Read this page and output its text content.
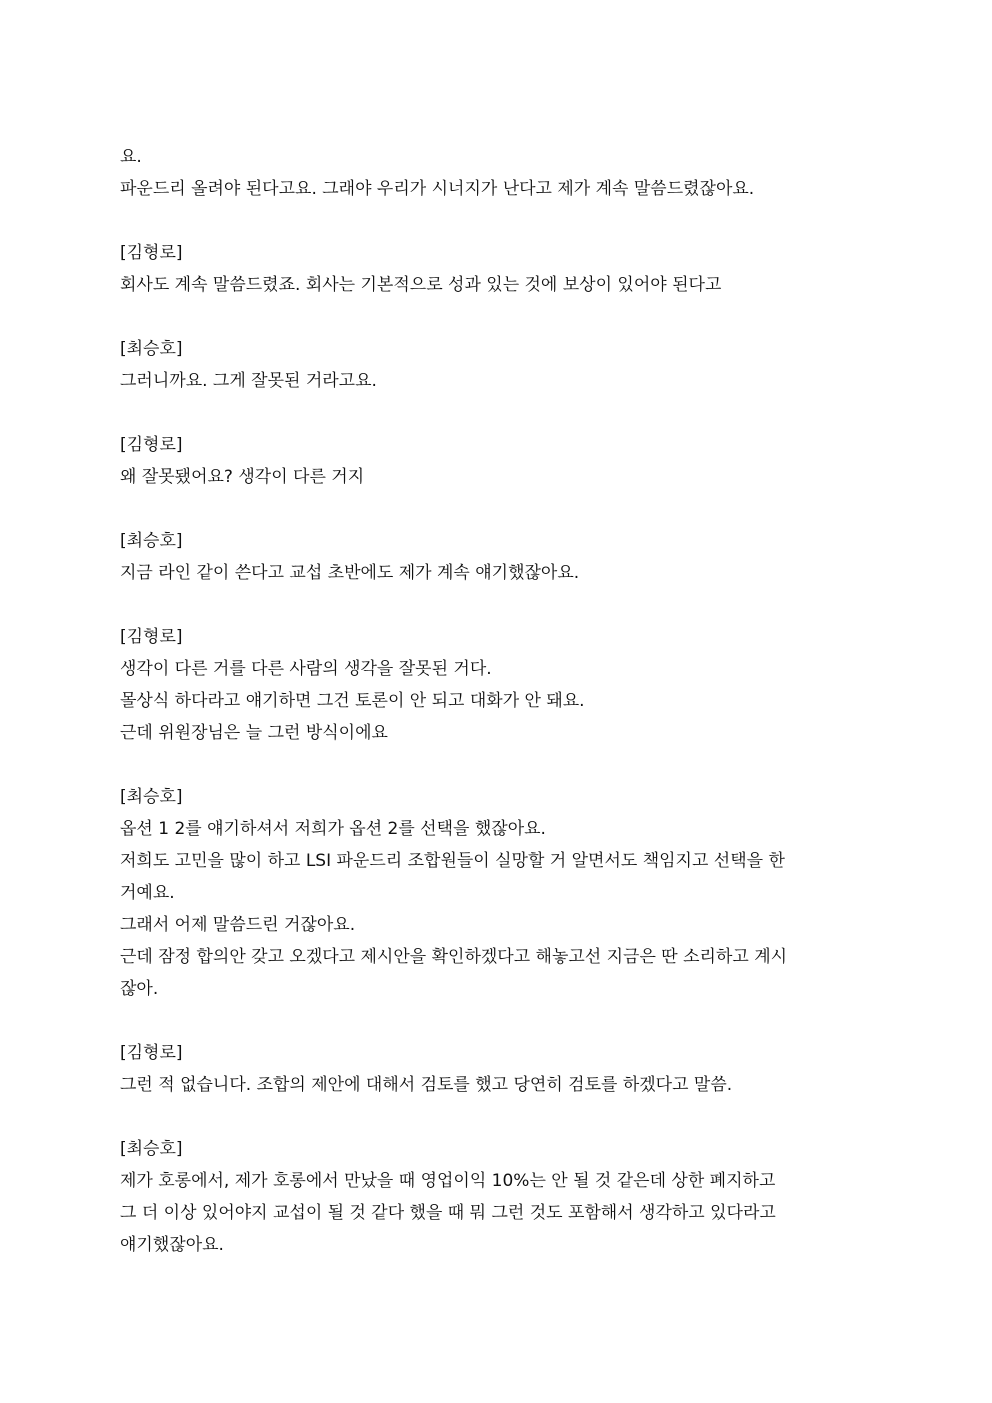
요.
파운드리 올려야 된다고요. 그래야 우리가 시너지가 난다고 제가 계속 말씀드렸잖아요.
[김형로]
회사도 계속 말씀드렸죠. 회사는 기본적으로 성과 있는 것에 보상이 있어야 된다고
[최승호]
그러니까요. 그게 잘못된 거라고요.
[김형로]
왜 잘못됐어요? 생각이 다른 거지
[최승호]
지금 라인 같이 쓴다고 교섭 초반에도 제가 계속 얘기했잖아요.
[김형로]
생각이 다른 거를 다른 사람의 생각을 잘못된 거다.
몰상식 하다라고 얘기하면 그건 토론이 안 되고 대화가 안 돼요.
근데 위원장님은 늘 그런 방식이에요
[최승호]
옵션 1 2를 얘기하셔서 저희가 옵션 2를 선택을 했잖아요.
저희도 고민을 많이 하고 LSI 파운드리 조합원들이 실망할 거 알면서도 책임지고 선택을 한
거예요.
그래서 어제 말씀드린 거잖아요.
근데 잠정 합의안 갖고 오겠다고 제시안을 확인하겠다고 해놓고선 지금은 딴 소리하고 계시
잖아.
[김형로]
그런 적 없습니다. 조합의 제안에 대해서 검토를 했고 당연히 검토를 하겠다고 말씀.
[최승호]
제가 호롱에서, 제가 호롱에서 만났을 때 영업이익 10%는 안 될 것 같은데 상한 폐지하고
그 더 이상 있어야지 교섭이 될 것 같다 했을 때 뭐 그런 것도 포함해서 생각하고 있다라고
얘기했잖아요.
